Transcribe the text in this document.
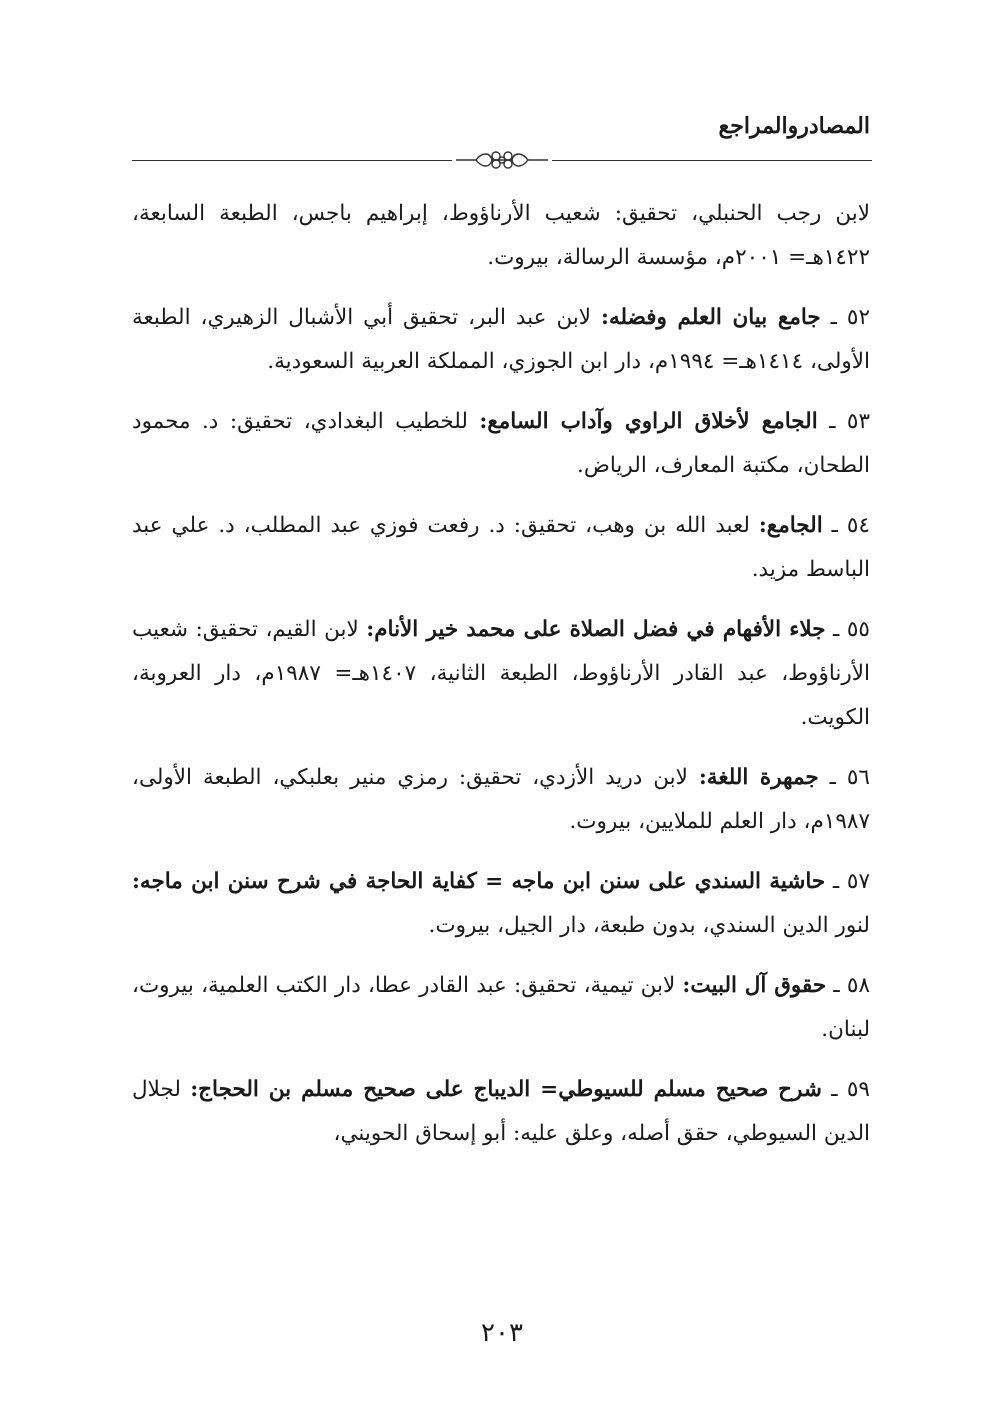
المصادروالمراجع

لابن رجب الحنبلي، تحقيق: شعيب الأرناؤوط، إبراهيم باجس، الطبعة السابعة، ١٤٢٢هـ= ٢٠٠١م، مؤسسة الرسالة، بيروت.

٥٢ ـ جامع بيان العلم وفضله: لابن عبد البر، تحقيق أبي الأشبال الزهيري، الطبعة الأولى، ١٤١٤هـ= ١٩٩٤م، دار ابن الجوزي، المملكة العربية السعودية.

٥٣ ـ الجامع لأخلاق الراوي وآداب السامع: للخطيب البغدادي، تحقيق: د. محمود الطحان، مكتبة المعارف، الرياض.

٥٤ ـ الجامع: لعبد الله بن وهب، تحقيق: د. رفعت فوزي عبد المطلب، د. علي عبد الباسط مزيد.

٥٥ ـ جلاء الأفهام في فضل الصلاة على محمد خير الأنام: لابن القيم، تحقيق: شعيب الأرناؤوط، عبد القادر الأرناؤوط، الطبعة الثانية، ١٤٠٧هـ= ١٩٨٧م، دار العروبة، الكويت.

٥٦ ـ جمهرة اللغة: لابن دريد الأزدي، تحقيق: رمزي منير بعلبكي، الطبعة الأولى، ١٩٨٧م، دار العلم للملايين، بيروت.

٥٧ ـ حاشية السندي على سنن ابن ماجه = كفاية الحاجة في شرح سنن ابن ماجه: لنور الدين السندي، بدون طبعة، دار الجيل، بيروت.

٥٨ ـ حقوق آل البيت: لابن تيمية، تحقيق: عبد القادر عطا، دار الكتب العلمية، بيروت، لبنان.

٥٩ ـ شرح صحيح مسلم للسيوطي= الديباج على صحيح مسلم بن الحجاج: لجلال الدين السيوطي، حقق أصله، وعلق عليه: أبو إسحاق الحويني،

٢٠٣
